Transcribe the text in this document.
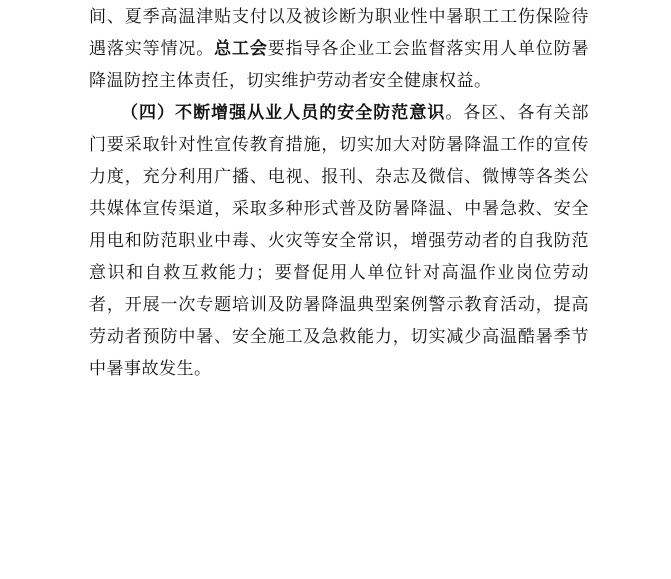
间、夏季高温津贴支付以及被诊断为职业性中暑职工工伤保险待
遇落实等情况。总工会要指导各企业工会监督落实用人单位防暑
降温防控主体责任，切实维护劳动者安全健康权益。
（四）不断增强从业人员的安全防范意识。各区、各有关部
门要采取针对性宣传教育措施，切实加大对防暑降温工作的宣传
力度，充分利用广播、电视、报刊、杂志及微信、微博等各类公
共媒体宣传渠道，采取多种形式普及防暑降温、中暑急救、安全
用电和防范职业中毒、火灾等安全常识，增强劳动者的自我防范
意识和自救互救能力；要督促用人单位针对高温作业岗位劳动
者，开展一次专题培训及防暑降温典型案例警示教育活动，提高
劳动者预防中暑、安全施工及急救能力，切实减少高温酷暑季节
中暑事故发生。
